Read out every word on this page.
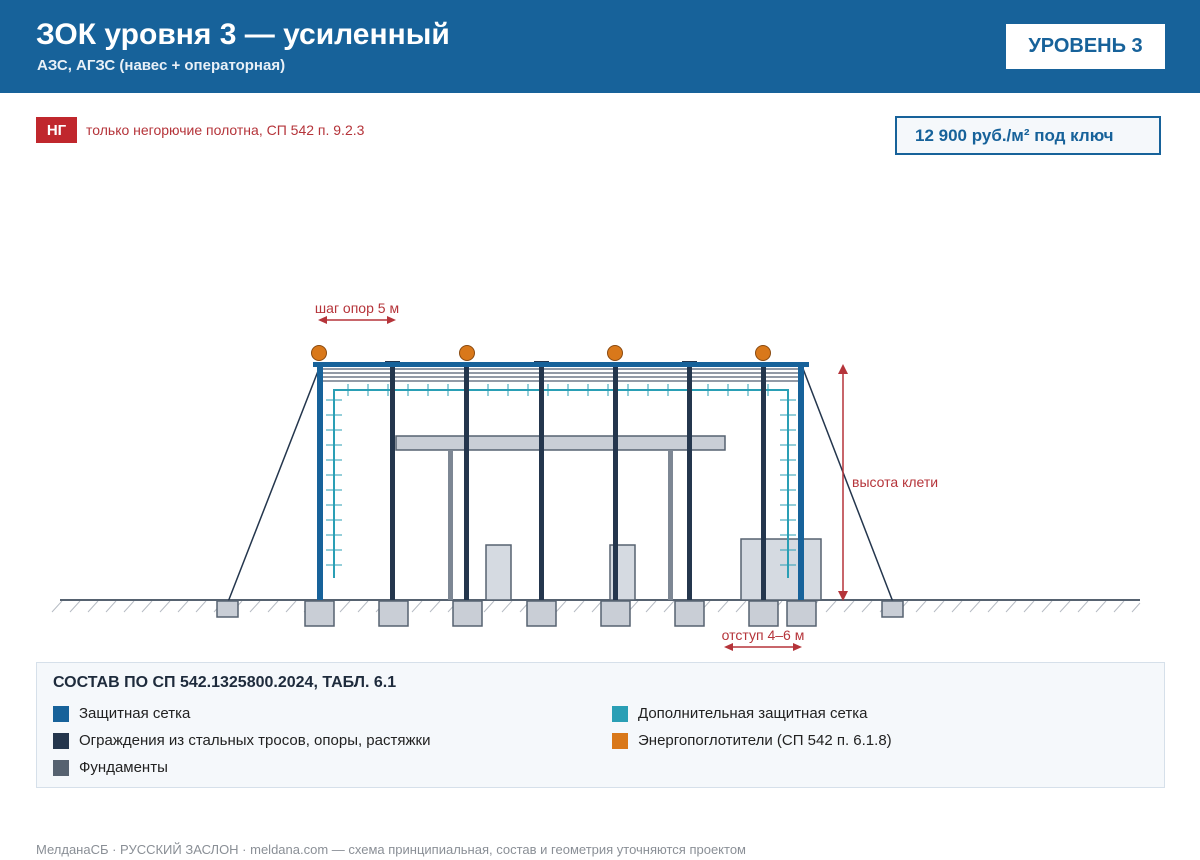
ЗОК уровня 3 — усиленный
АЗС, АГЗС (навес + операторная)
УРОВЕНЬ 3
НГ	только негорючие полотна, СП 542 п. 9.2.3	12 900 руб./м² под ключ
шаг опор 5 м
высота клети
отступ 4–6 м
СОСТАВ ПО СП 542.1325800.2024, ТАБЛ. 6.1
Защитная сетка
Ограждения из стальных тросов, опоры, растяжки
Фундаменты
Дополнительная защитная сетка
Энергопоглотители (СП 542 п. 6.1.8)
МелданаСБ · РУССКИЙ ЗАСЛОН · meldana.com — схема принципиальная, состав и геометрия уточняются проектом
